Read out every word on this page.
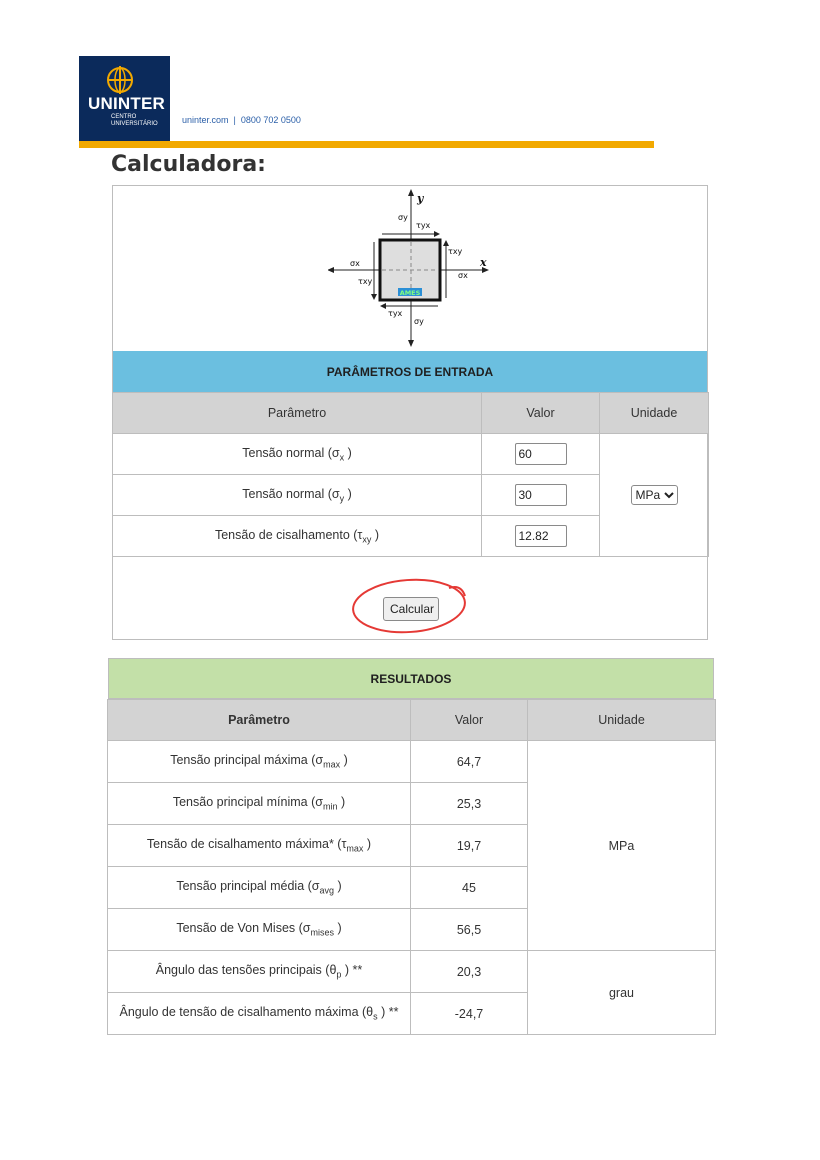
UNINTER
CENTRO
UNIVERSITÁRIO	uninter.com  |  0800 702 0500
Calculadora:
AMES
y
x
σy
τyx
τxy
σx
σx
τxy
τyx
σy
PARÂMETROS DE ENTRADA
Parâmetro	Valor	Unidade
Tensão normal ($\sigma_x$ )	60	
MPa
Tensão normal ($\sigma_y$ )	30
Tensão de cisalhamento ($\tau_{xy}$ )	12.82
Calcular
RESULTADOS
Parâmetro	Valor	Unidade
Tensão principal máxima ($\sigma_{max}$ )	64,7	MPa
Tensão principal mínima ($\sigma_{min}$ )	25,3	
Tensão de cisalhamento máxima* ($\tau_{max}$ )	19,7	
Tensão principal média ($\sigma_{avg}$ )	45	
Tensão de Von Mises ($\sigma_{mises}$ )	56,5	
Ângulo das tensões principais ($\theta_p$ ) **	20,3	grau
Ângulo de tensão de cisalhamento máxima ($\theta_s$ ) **	-24,7	
